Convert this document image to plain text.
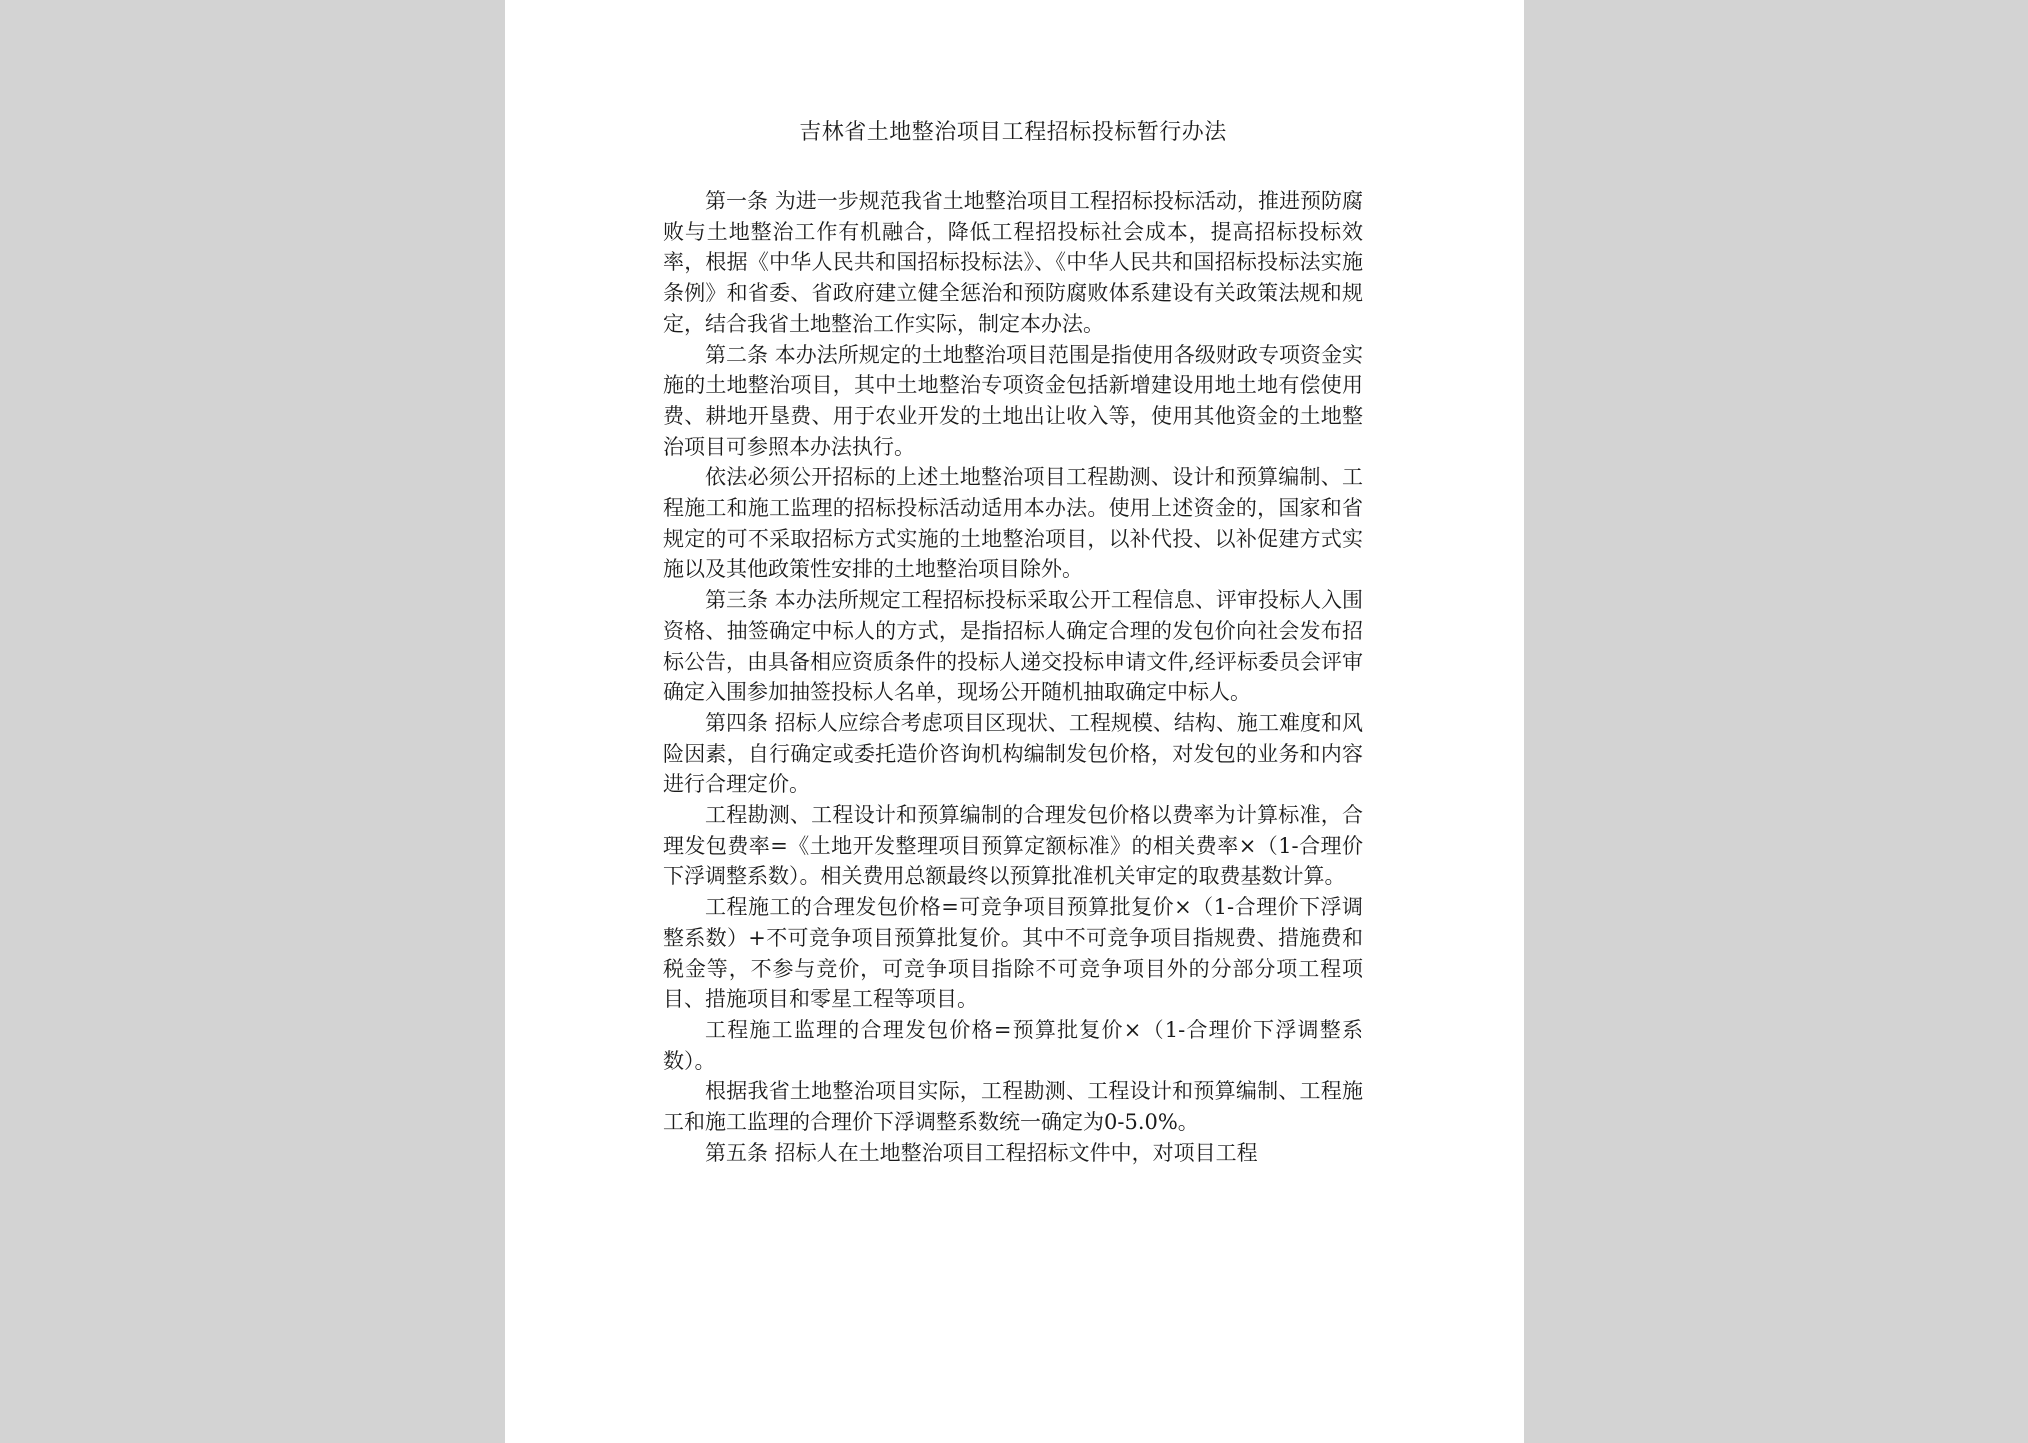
吉林省土地整治项目工程招标投标暂行办法

第一条 为进一步规范我省土地整治项目工程招标投标活动，推进预防腐败与土地整治工作有机融合，降低工程招投标社会成本，提高招标投标效率，根据《中华人民共和国招标投标法》、《中华人民共和国招标投标法实施条例》和省委、省政府建立健全惩治和预防腐败体系建设有关政策法规和规定，结合我省土地整治工作实际，制定本办法。

第二条 本办法所规定的土地整治项目范围是指使用各级财政专项资金实施的土地整治项目，其中土地整治专项资金包括新增建设用地土地有偿使用费、耕地开垦费、用于农业开发的土地出让收入等，使用其他资金的土地整治项目可参照本办法执行。

依法必须公开招标的上述土地整治项目工程勘测、设计和预算编制、工程施工和施工监理的招标投标活动适用本办法。使用上述资金的，国家和省规定的可不采取招标方式实施的土地整治项目，以补代投、以补促建方式实施以及其他政策性安排的土地整治项目除外。

第三条 本办法所规定工程招标投标采取公开工程信息、评审投标人入围资格、抽签确定中标人的方式，是指招标人确定合理的发包价向社会发布招标公告，由具备相应资质条件的投标人递交投标申请文件,经评标委员会评审确定入围参加抽签投标人名单，现场公开随机抽取确定中标人。

第四条 招标人应综合考虑项目区现状、工程规模、结构、施工难度和风险因素，自行确定或委托造价咨询机构编制发包价格，对发包的业务和内容进行合理定价。

工程勘测、工程设计和预算编制的合理发包价格以费率为计算标准，合理发包费率=《土地开发整理项目预算定额标准》的相关费率×（1-合理价下浮调整系数）。相关费用总额最终以预算批准机关审定的取费基数计算。

工程施工的合理发包价格=可竞争项目预算批复价×（1-合理价下浮调整系数）+不可竞争项目预算批复价。其中不可竞争项目指规费、措施费和税金等，不参与竞价，可竞争项目指除不可竞争项目外的分部分项工程项目、措施项目和零星工程等项目。

工程施工监理的合理发包价格=预算批复价×（1-合理价下浮调整系数）。

根据我省土地整治项目实际，工程勘测、工程设计和预算编制、工程施工和施工监理的合理价下浮调整系数统一确定为0-5.0%。

第五条 招标人在土地整治项目工程招标文件中，对项目工程
